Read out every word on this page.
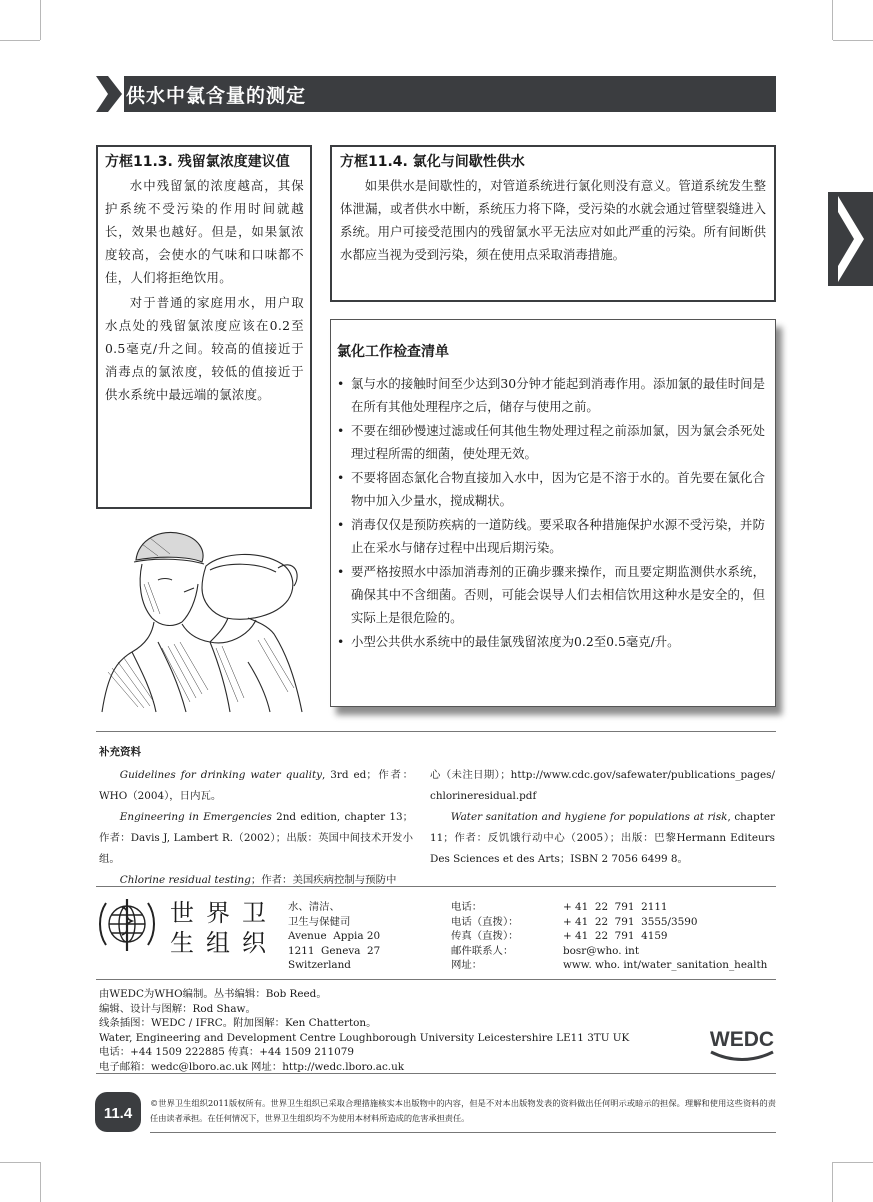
供水中氯含量的测定
方框11.3. 残留氯浓度建议值

水中残留氯的浓度越高，其保护系统不受污染的作用时间就越长，效果也越好。但是，如果氯浓度较高，会使水的气味和口味都不佳，人们将拒绝饮用。

对于普通的家庭用水，用户取水点处的残留氯浓度应该在0.2至0.5毫克/升之间。较高的值接近于消毒点的氯浓度，较低的值接近于供水系统中最远端的氯浓度。

方框11.4. 氯化与间歇性供水

如果供水是间歇性的，对管道系统进行氯化则没有意义。管道系统发生整体泄漏，或者供水中断，系统压力将下降，受污染的水就会通过管壁裂缝进入系统。用户可接受范围内的残留氯水平无法应对如此严重的污染。所有间断供水都应当视为受到污染，须在使用点采取消毒措施。

氯化工作检查清单
• 氯与水的接触时间至少达到30分钟才能起到消毒作用。添加氯的最佳时间是在所有其他处理程序之后，储存与使用之前。
• 不要在细砂慢速过滤或任何其他生物处理过程之前添加氯，因为氯会杀死处理过程所需的细菌，使处理无效。
• 不要将固态氯化合物直接加入水中，因为它是不溶于水的。首先要在氯化合物中加入少量水，搅成糊状。
• 消毒仅仅是预防疾病的一道防线。要采取各种措施保护水源不受污染，并防止在采水与储存过程中出现后期污染。
• 要严格按照水中添加消毒剂的正确步骤来操作，而且要定期监测供水系统，确保其中不含细菌。否则，可能会误导人们去相信饮用这种水是安全的，但实际上是很危险的。
• 小型公共供水系统中的最佳氯残留浓度为0.2至0.5毫克/升。
补充资料

Guidelines for drinking water quality, 3rd ed；作者：WHO（2004），日内瓦。

Engineering in Emergencies 2nd edition, chapter 13；作者：Davis J, Lambert R.（2002）；出版：英国中间技术开发小组。

Chlorine residual testing；作者：美国疾病控制与预防中

心（未注日期）；http://www.cdc.gov/safewater/publications_pages/chlorineresidual.pdf

Water sanitation and hygiene for populations at risk, chapter 11；作者：反饥饿行动中心（2005）；出版：巴黎Hermann Editeurs Des Sciences et des Arts；ISBN 2 7056 6499 8。

世界卫
生组织
水、清洁、
卫生与保健司
Avenue  Appia 20
1211  Geneva  27
Switzerland
电话：
电话（直拨）：
传真（直拨）：
邮件联系人：
网址：
+ 41  22  791  2111
+ 41  22  791  3555/3590
+ 41  22  791  4159
bosr@who. int
www. who. int/water_sanitation_health
由WEDC为WHO编制。丛书编辑：Bob Reed。
编辑、设计与图解：Rod Shaw。
线条插图：WEDC / IFRC。附加图解：Ken Chatterton。
Water, Engineering and Development Centre Loughborough University Leicestershire LE11 3TU UK
电话：+44 1509 222885 传真：+44 1509 211079
电子邮箱：wedc@lboro.ac.uk 网址：http://wedc.lboro.ac.uk
WEDC
11.4
©世界卫生组织2011版权所有。世界卫生组织已采取合理措施核实本出版物中的内容，但是不对本出版物发表的资料做出任何明示或暗示的担保。理解和使用这些资料的责任由读者承担。在任何情况下，世界卫生组织均不为使用本材料所造成的危害承担责任。
